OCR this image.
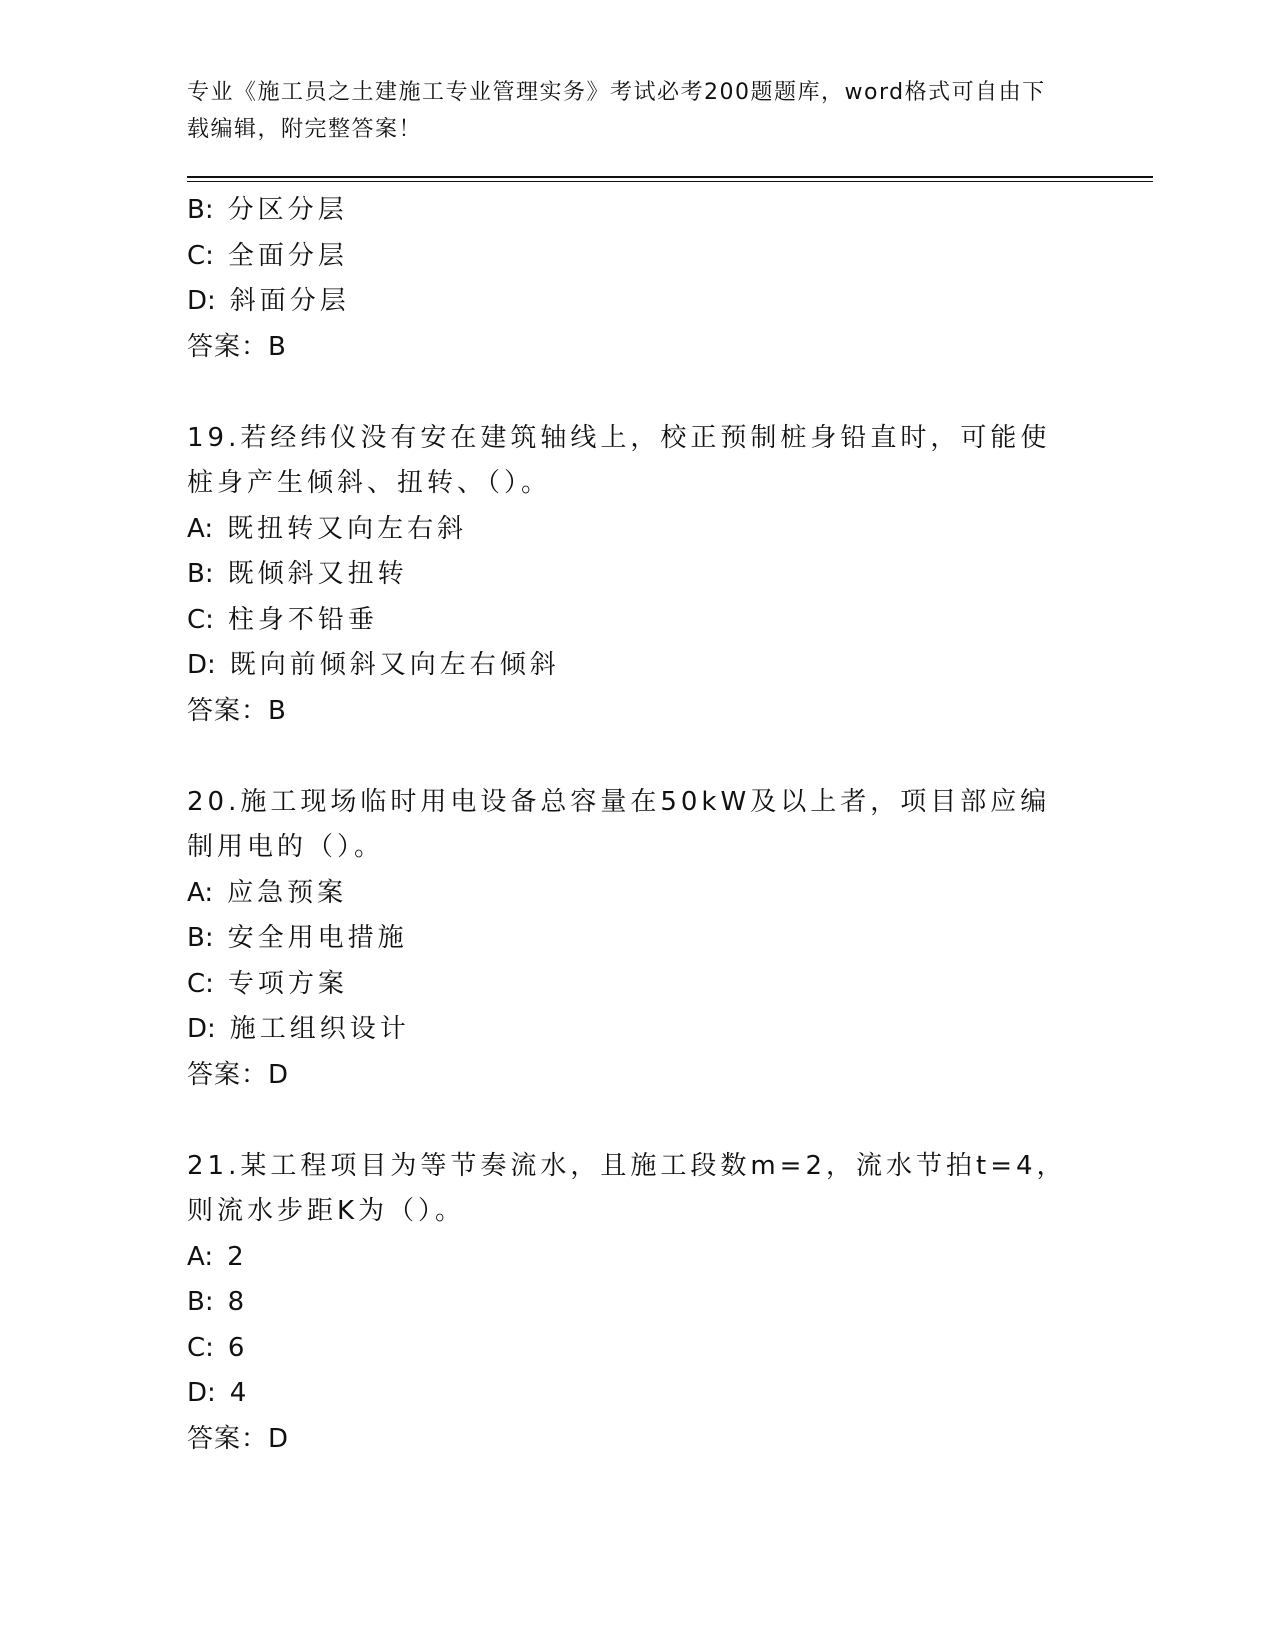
专业《施工员之土建施工专业管理实务》考试必考200题题库，word格式可自由下载编辑，附完整答案！
B: 分区分层
C: 全面分层
D: 斜面分层
答案：B
19.若经纬仪没有安在建筑轴线上，校正预制桩身铅直时，可能使桩身产生倾斜、扭转、（）。
A: 既扭转又向左右斜
B: 既倾斜又扭转
C: 柱身不铅垂
D: 既向前倾斜又向左右倾斜
答案：B
20.施工现场临时用电设备总容量在50kW及以上者，项目部应编制用电的（）。
A: 应急预案
B: 安全用电措施
C: 专项方案
D: 施工组织设计
答案：D
21.某工程项目为等节奏流水，且施工段数m=2，流水节拍t=4，则流水步距K为（）。
A: 2
B: 8
C: 6
D: 4
答案：D
